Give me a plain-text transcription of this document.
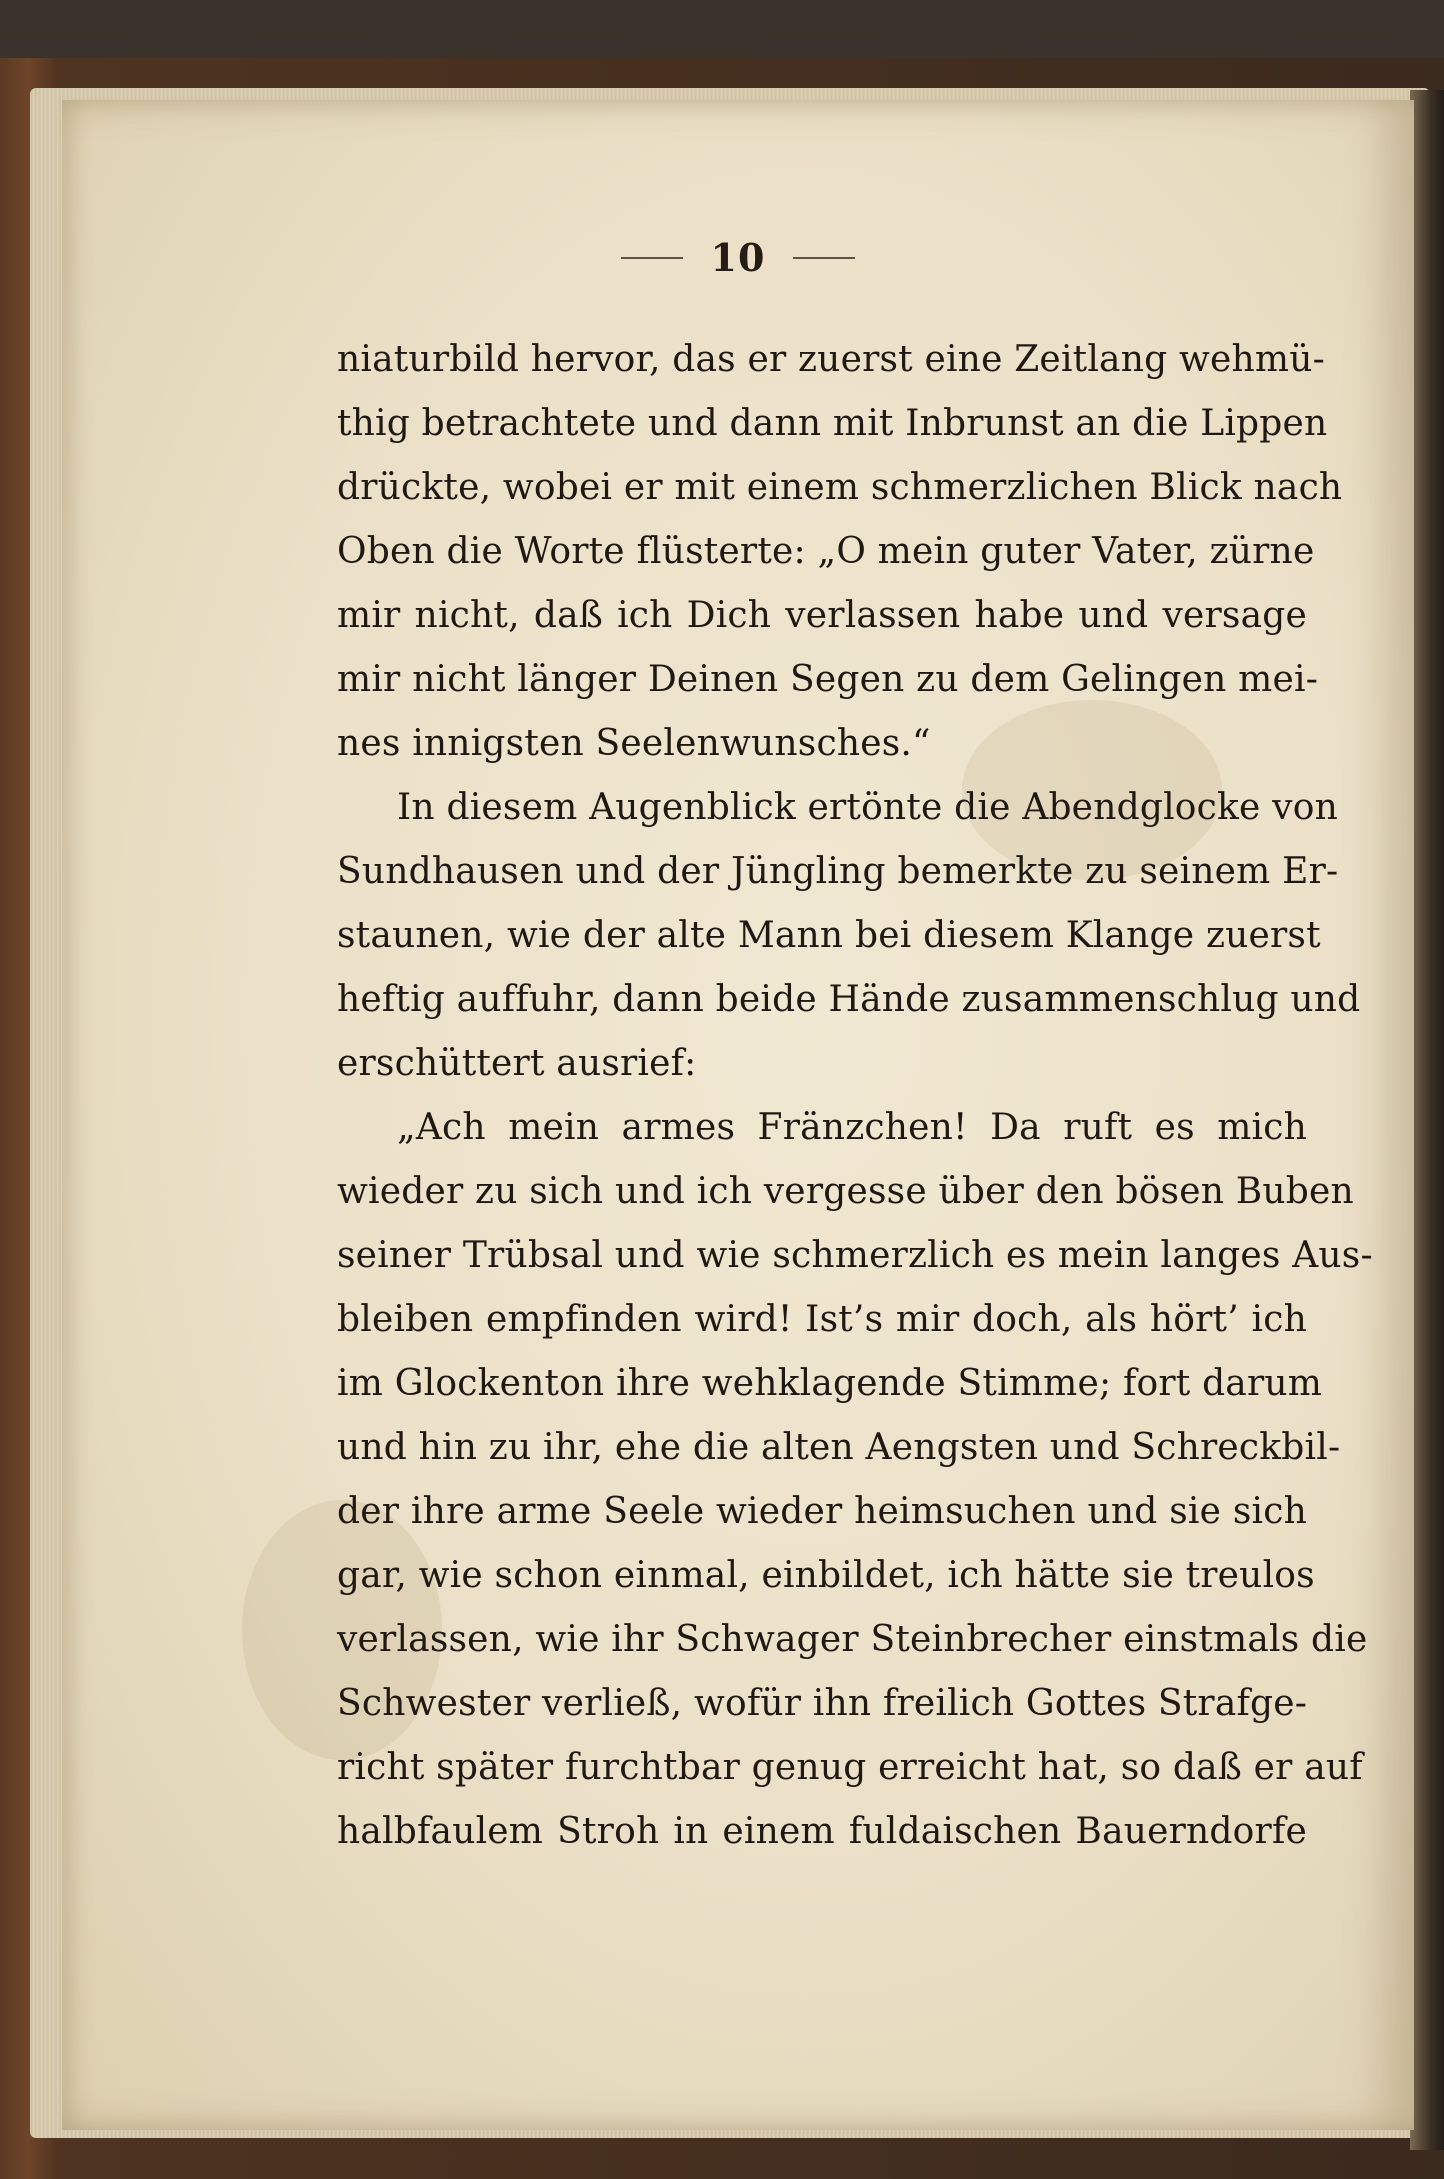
10
niaturbild hervor, das er zuerst eine Zeitlang wehmü-
thig betrachtete und dann mit Inbrunst an die Lippen
drückte, wobei er mit einem schmerzlichen Blick nach
Oben die Worte flüsterte: „O mein guter Vater, zürne
mir nicht, daß ich Dich verlassen habe und versage
mir nicht länger Deinen Segen zu dem Gelingen mei-
nes innigsten Seelenwunsches.“
In diesem Augenblick ertönte die Abendglocke von
Sundhausen und der Jüngling bemerkte zu seinem Er-
staunen, wie der alte Mann bei diesem Klange zuerst
heftig auffuhr, dann beide Hände zusammenschlug und
erschüttert ausrief:
„Ach mein armes Fränzchen! Da ruft es mich
wieder zu sich und ich vergesse über den bösen Buben
seiner Trübsal und wie schmerzlich es mein langes Aus-
bleiben empfinden wird! Ist’s mir doch, als hört’ ich
im Glockenton ihre wehklagende Stimme; fort darum
und hin zu ihr, ehe die alten Aengsten und Schreckbil-
der ihre arme Seele wieder heimsuchen und sie sich
gar, wie schon einmal, einbildet, ich hätte sie treulos
verlassen, wie ihr Schwager Steinbrecher einstmals die
Schwester verließ, wofür ihn freilich Gottes Strafge-
richt später furchtbar genug erreicht hat, so daß er auf
halbfaulem Stroh in einem fuldaischen Bauerndorfe
